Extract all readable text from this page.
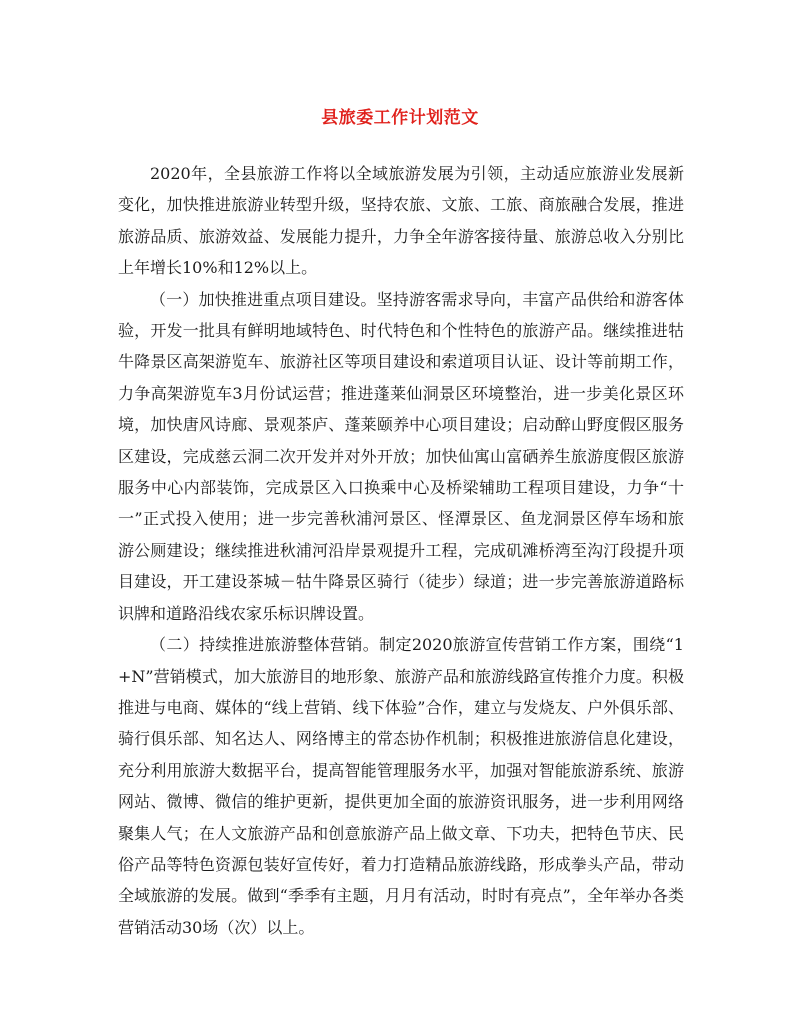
县旅委工作计划范文

2020年，全县旅游工作将以全域旅游发展为引领，主动适应旅游业发展新变化，加快推进旅游业转型升级，坚持农旅、文旅、工旅、商旅融合发展，推进旅游品质、旅游效益、发展能力提升，力争全年游客接待量、旅游总收入分别比上年增长10%和12%以上。

（一）加快推进重点项目建设。坚持游客需求导向，丰富产品供给和游客体验，开发一批具有鲜明地域特色、时代特色和个性特色的旅游产品。继续推进牯牛降景区高架游览车、旅游社区等项目建设和索道项目认证、设计等前期工作，力争高架游览车3月份试运营；推进蓬莱仙洞景区环境整治，进一步美化景区环境，加快唐风诗廊、景观茶庐、蓬莱颐养中心项目建设；启动醉山野度假区服务区建设，完成慈云洞二次开发并对外开放；加快仙寓山富硒养生旅游度假区旅游服务中心内部装饰，完成景区入口换乘中心及桥梁辅助工程项目建设，力争“十一”正式投入使用；进一步完善秋浦河景区、怪潭景区、鱼龙洞景区停车场和旅游公厕建设；继续推进秋浦河沿岸景观提升工程，完成矶滩桥湾至沟汀段提升项目建设，开工建设茶城－牯牛降景区骑行（徒步）绿道；进一步完善旅游道路标识牌和道路沿线农家乐标识牌设置。

（二）持续推进旅游整体营销。制定2020旅游宣传营销工作方案，围绕“1+N”营销模式，加大旅游目的地形象、旅游产品和旅游线路宣传推介力度。积极推进与电商、媒体的“线上营销、线下体验”合作，建立与发烧友、户外俱乐部、骑行俱乐部、知名达人、网络博主的常态协作机制；积极推进旅游信息化建设，充分利用旅游大数据平台，提高智能管理服务水平，加强对智能旅游系统、旅游网站、微博、微信的维护更新，提供更加全面的旅游资讯服务，进一步利用网络聚集人气；在人文旅游产品和创意旅游产品上做文章、下功夫，把特色节庆、民俗产品等特色资源包装好宣传好，着力打造精品旅游线路，形成拳头产品，带动全域旅游的发展。做到“季季有主题，月月有活动，时时有亮点”，全年举办各类营销活动30场（次）以上。
